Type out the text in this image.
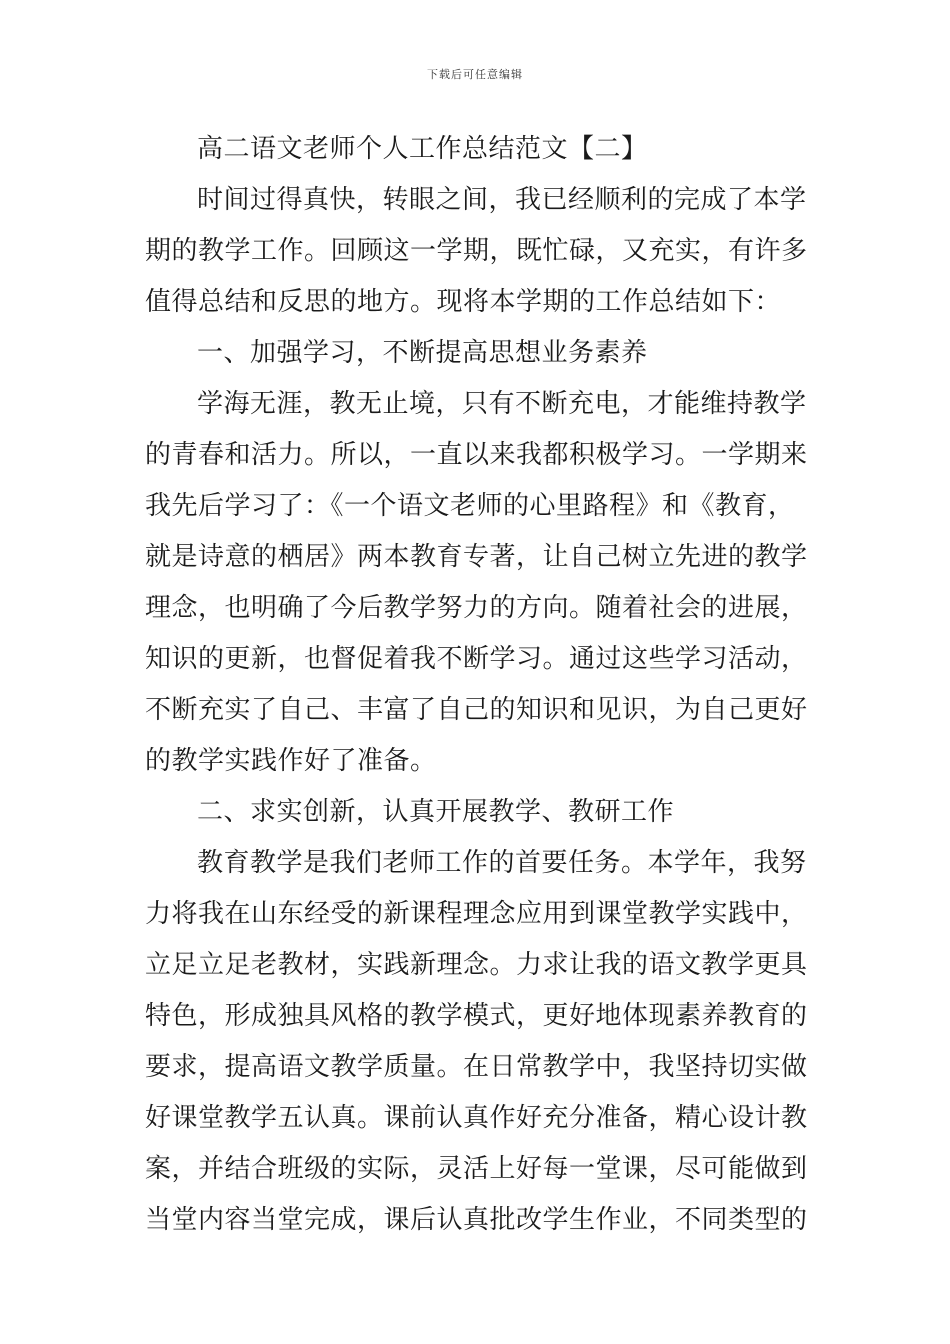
下载后可任意编辑
高二语文老师个人工作总结范文【二】
时间过得真快，转眼之间，我已经顺利的完成了本学
期的教学工作。回顾这一学期，既忙碌，又充实，有许多
值得总结和反思的地方。现将本学期的工作总结如下：
一、加强学习，不断提高思想业务素养
学海无涯，教无止境，只有不断充电，才能维持教学
的青春和活力。所以，一直以来我都积极学习。一学期来
我先后学习了：《一个语文老师的心里路程》和《教育，
就是诗意的栖居》两本教育专著，让自己树立先进的教学
理念，也明确了今后教学努力的方向。随着社会的进展，
知识的更新，也督促着我不断学习。通过这些学习活动，
不断充实了自己、丰富了自己的知识和见识，为自己更好
的教学实践作好了准备。
二、求实创新，认真开展教学、教研工作
教育教学是我们老师工作的首要任务。本学年，我努
力将我在山东经受的新课程理念应用到课堂教学实践中，
立足立足老教材，实践新理念。力求让我的语文教学更具
特色，形成独具风格的教学模式，更好地体现素养教育的
要求，提高语文教学质量。在日常教学中，我坚持切实做
好课堂教学五认真。课前认真作好充分准备，精心设计教
案，并结合班级的实际，灵活上好每一堂课，尽可能做到
当堂内容当堂完成，课后认真批改学生作业，不同类型的
